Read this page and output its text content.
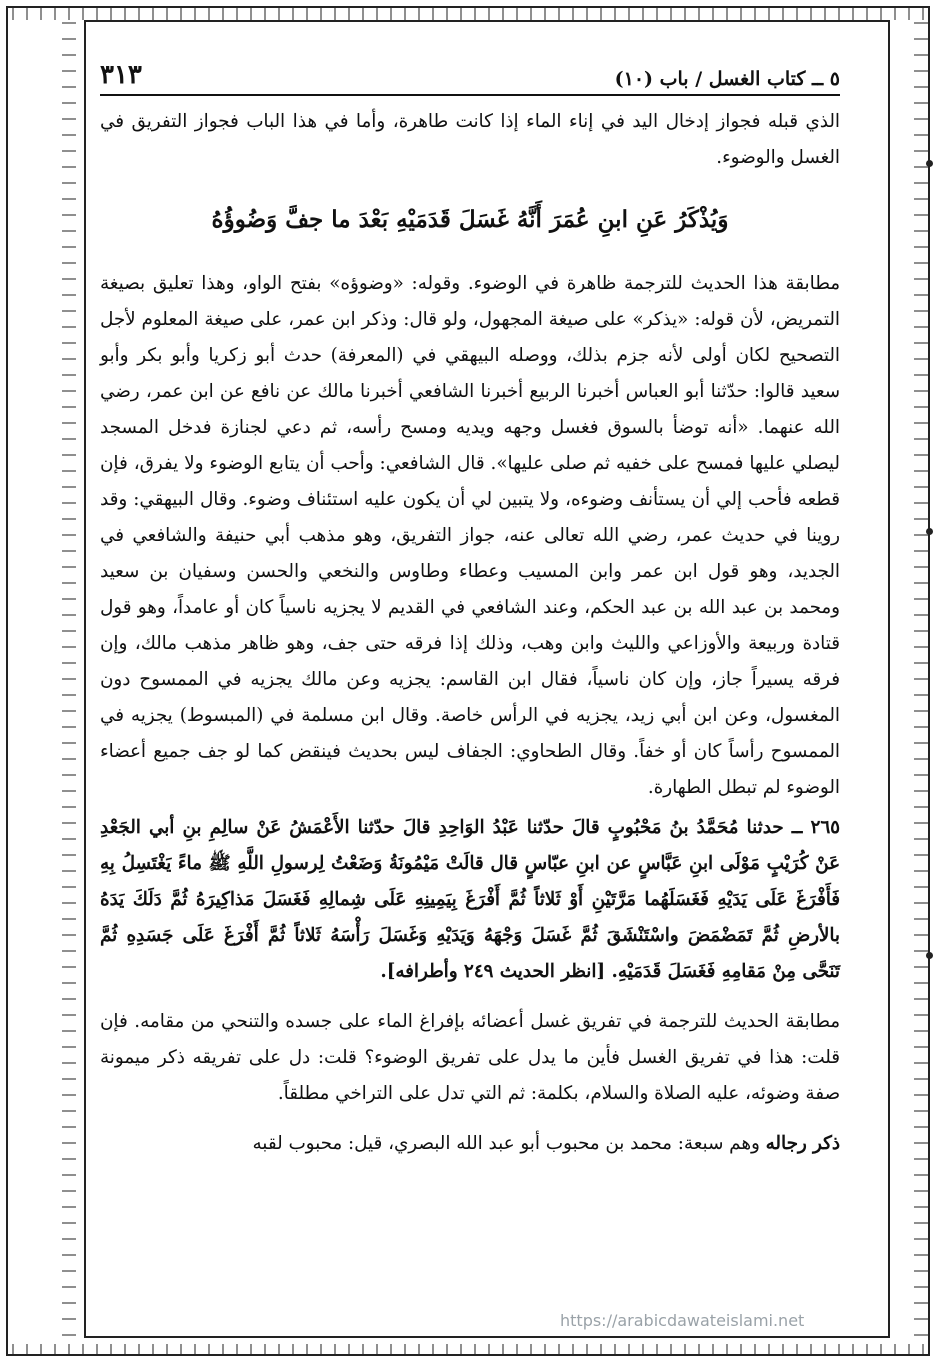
٥ ــ كتاب الغسل / باب (١٠)
٣١٣

الذي قبله فجواز إدخال اليد في إناء الماء إذا كانت طاهرة، وأما في هذا الباب فجواز التفريق في الغسل والوضوء.

وَيُذْكَرُ عَنِ ابنِ عُمَرَ أَنَّهُ غَسَلَ قَدَمَيْهِ بَعْدَ ما جفَّ وَضُوؤُهُ

مطابقة هذا الحديث للترجمة ظاهرة في الوضوء. وقوله: «وضوؤه» بفتح الواو، وهذا تعليق بصيغة التمريض، لأن قوله: «يذكر» على صيغة المجهول، ولو قال: وذكر ابن عمر، على صيغة المعلوم لأجل التصحيح لكان أولى لأنه جزم بذلك، ووصله البيهقي في (المعرفة) حدث أبو زكريا وأبو بكر وأبو سعيد قالوا: حدّثنا أبو العباس أخبرنا الربيع أخبرنا الشافعي أخبرنا مالك عن نافع عن ابن عمر، رضي الله عنهما. «أنه توضأ بالسوق فغسل وجهه ويديه ومسح رأسه، ثم دعي لجنازة فدخل المسجد ليصلي عليها فمسح على خفيه ثم صلى عليها». قال الشافعي: وأحب أن يتابع الوضوء ولا يفرق، فإن قطعه فأحب إلي أن يستأنف وضوءه، ولا يتبين لي أن يكون عليه استئناف وضوء. وقال البيهقي: وقد روينا في حديث عمر، رضي الله تعالى عنه، جواز التفريق، وهو مذهب أبي حنيفة والشافعي في الجديد، وهو قول ابن عمر وابن المسيب وعطاء وطاوس والنخعي والحسن وسفيان بن سعيد ومحمد بن عبد الله بن عبد الحكم، وعند الشافعي في القديم لا يجزيه ناسياً كان أو عامداً، وهو قول قتادة وربيعة والأوزاعي والليث وابن وهب، وذلك إذا فرقه حتى جف، وهو ظاهر مذهب مالك، وإن فرقه يسيراً جاز، وإن كان ناسياً، فقال ابن القاسم: يجزيه وعن مالك يجزيه في الممسوح دون المغسول، وعن ابن أبي زيد، يجزيه في الرأس خاصة. وقال ابن مسلمة في (المبسوط) يجزيه في الممسوح رأساً كان أو خفاً. وقال الطحاوي: الجفاف ليس بحديث فينقض كما لو جف جميع أعضاء الوضوء لم تبطل الطهارة.

٢٦٥ ــ حدثنا مُحَمَّدُ بنُ مَحْبُوبٍ قالَ حدّثنا عَبْدُ الوَاحِدِ قالَ حدّثنا الأَعْمَشُ عَنْ سالِمِ بنِ أبي الجَعْدِ عَنْ كُرَيْبٍ مَوْلَى ابنِ عَبَّاسٍ عن ابنِ عبّاسٍ قال قالَتْ مَيْمُونَةُ وَضَعْتُ لِرسولِ اللَّهِ ﷺ ماءً يَغْتَسِلُ بِهِ فَأَفْرَغَ عَلَى يَدَيْهِ فَغَسَلَهُما مَرَّتَيْنِ أَوْ ثَلاثاً ثُمَّ أَفْرَغَ بِيَمِينِهِ عَلَى شِمالِهِ فَغَسَلَ مَذاكِيرَهُ ثُمَّ دَلَكَ يَدَهُ بالأرضِ ثُمَّ تَمَضْمَضَ واسْتَنْشَقَ ثُمَّ غَسَلَ وَجْهَهُ وَيَدَيْهِ وَغَسَلَ رَأْسَهُ ثَلاثاً ثُمَّ أَفْرَغَ عَلَى جَسَدِهِ ثُمَّ تَنَحَّى مِنْ مَقامِهِ فَغَسَلَ قَدَمَيْهِ. [انظر الحديث ٢٤٩ وأطرافه].

مطابقة الحديث للترجمة في تفريق غسل أعضائه بإفراغ الماء على جسده والتنحي من مقامه. فإن قلت: هذا في تفريق الغسل فأين ما يدل على تفريق الوضوء؟ قلت: دل على تفريقه ذكر ميمونة صفة وضوئه، عليه الصلاة والسلام، بكلمة: ثم التي تدل على التراخي مطلقاً.

ذكر رجاله وهم سبعة: محمد بن محبوب أبو عبد الله البصري، قيل: محبوب لقبه

https://arabicdawateislami.net
